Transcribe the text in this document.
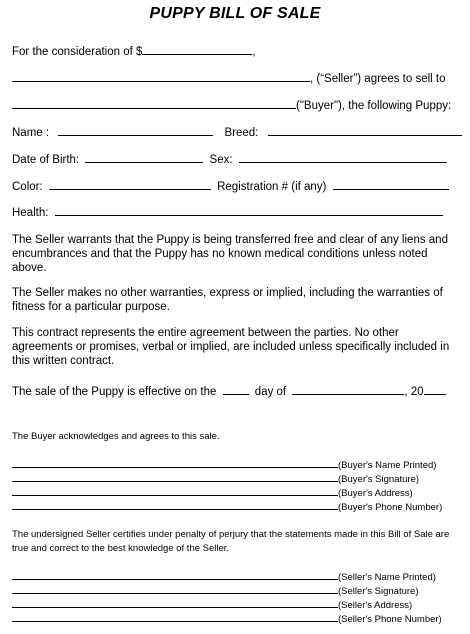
PUPPY BILL OF SALE
For the consideration of $	,
, (“Seller”) agrees to sell to
("Buyer"), the following Puppy:
Name :	Breed:
Date of Birth:	Sex:
Color:	Registration # (if any)
Health:
The Seller warrants that the Puppy is being transferred free and clear of any liens and encumbrances and that the Puppy has no known medical conditions unless noted above.
The Seller makes no other warranties, express or implied, including the warranties of fitness for a particular purpose.
This contract represents the entire agreement between the parties. No other agreements or promises, verbal or implied, are included unless specifically included in this written contract.
The sale of the Puppy is effective on the	day of	, 20
The Buyer acknowledges and agrees to this sale.
(Buyer's Name Printed)
(Buyer's Signature)
(Buyer's Address)
(Buyer's Phone Number)
The undersigned Seller certifies under penalty of perjury that the statements made in this Bill of Sale are true and correct to the best knowledge of the Seller.
(Seller's Name Printed)
(Seller's Signature)
(Seller's Address)
(Seller's Phone Number)
